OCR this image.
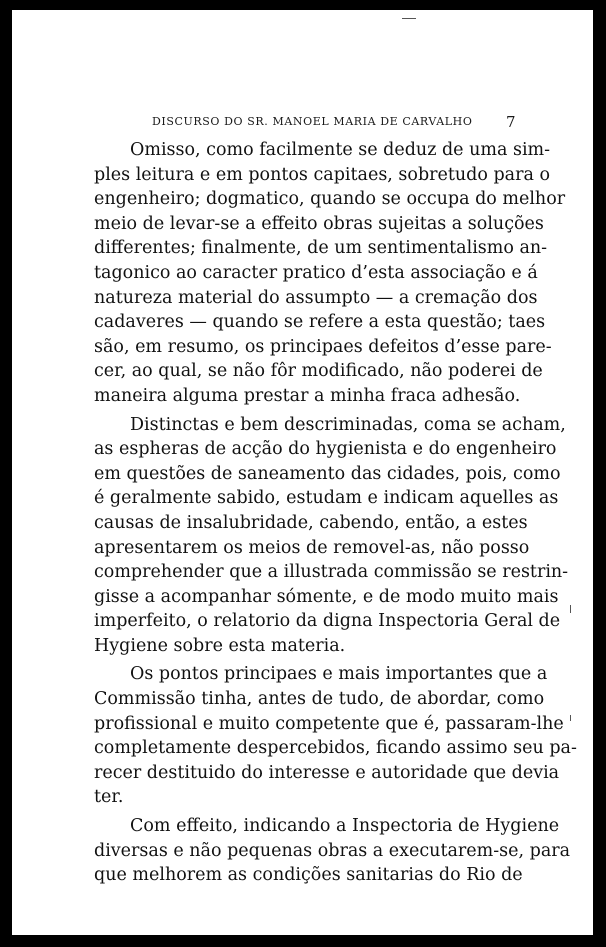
DISCURSO DO SR. MANOEL MARIA DE CARVALHO 7

Omisso, como facilmente se deduz de uma sim-
ples leitura e em pontos capitaes, sobretudo para o
engenheiro; dogmatico, quando se occupa do melhor
meio de levar-se a effeito obras sujeitas a soluções
differentes; finalmente, de um sentimentalismo an-
tagonico ao caracter pratico d’esta associação e á
natureza material do assumpto — a cremação dos
cadaveres — quando se refere a esta questão; taes
são, em resumo, os principaes defeitos d’esse pare-
cer, ao qual, se não fôr modificado, não poderei de
maneira alguma prestar a minha fraca adhesão.

Distinctas e bem descriminadas, coma se acham,
as espheras de acção do hygienista e do engenheiro
em questões de saneamento das cidades, pois, como
é geralmente sabido, estudam e indicam aquelles as
causas de insalubridade, cabendo, então, a estes
apresentarem os meios de removel-as, não posso
comprehender que a illustrada commissão se restrin-
gisse a acompanhar sómente, e de modo muito mais
imperfeito, o relatorio da digna Inspectoria Geral de
Hygiene sobre esta materia.

Os pontos principaes e mais importantes que a
Commissão tinha, antes de tudo, de abordar, como
profissional e muito competente que é, passaram-lhe
completamente despercebidos, ficando assimo seu pa-
recer destituido do interesse e autoridade que devia
ter.

Com effeito, indicando a Inspectoria de Hygiene
diversas e não pequenas obras a executarem-se, para
que melhorem as condições sanitarias do Rio de
